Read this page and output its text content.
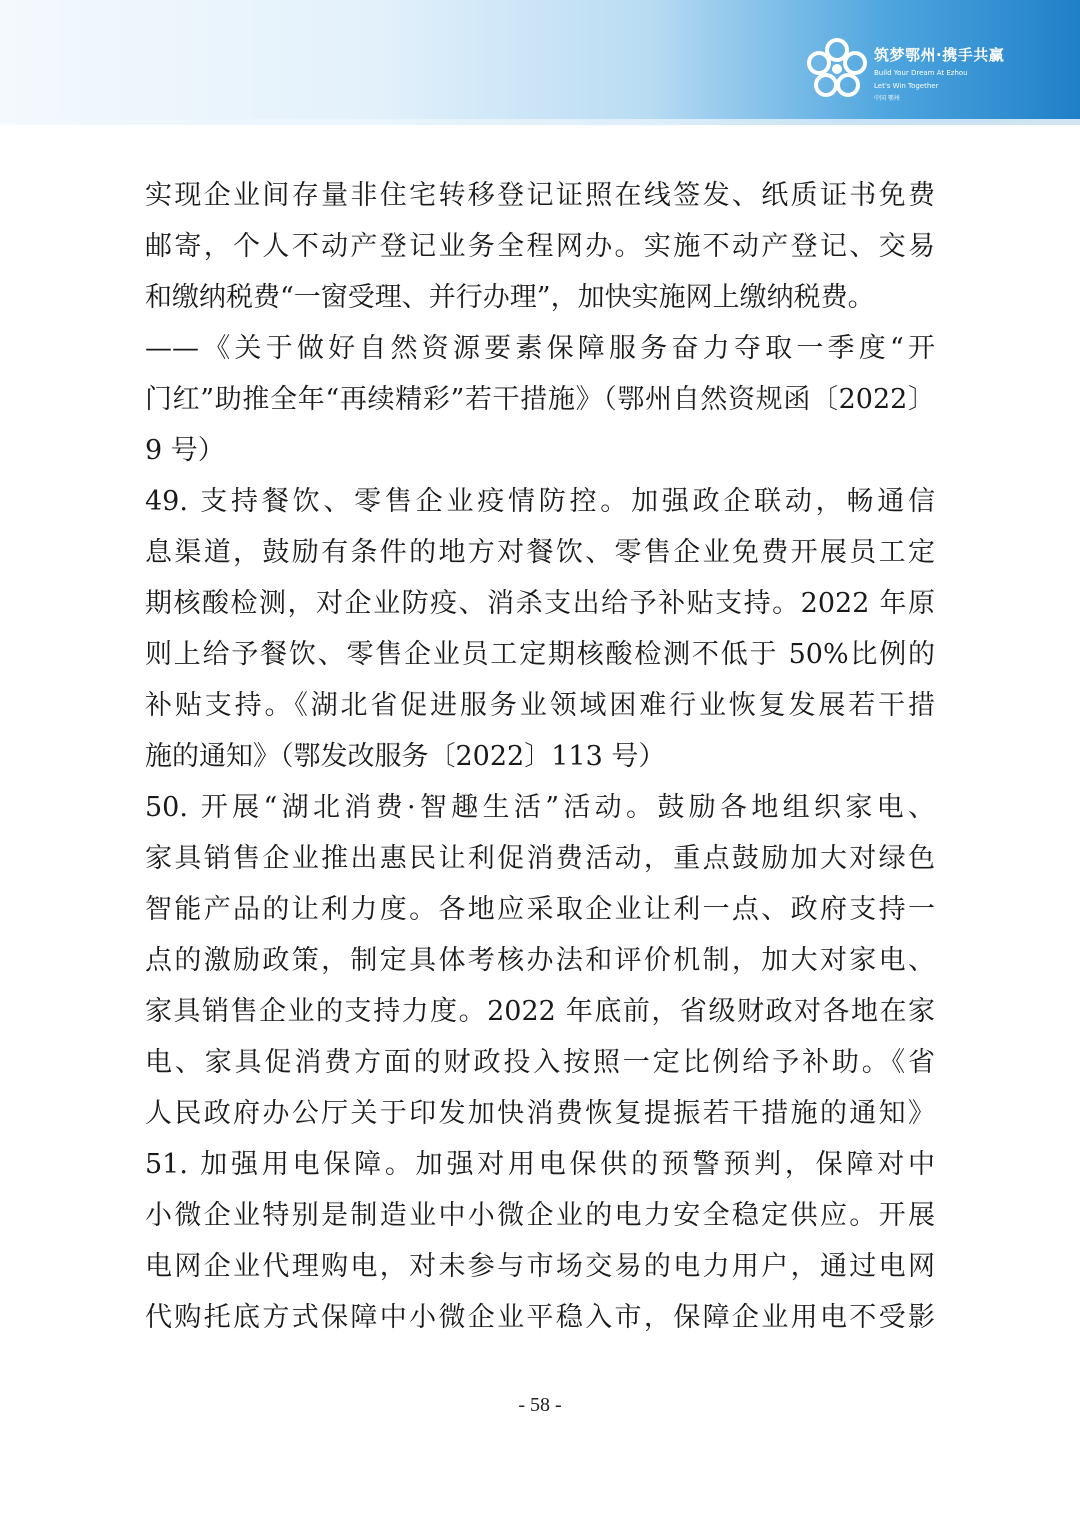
筑梦鄂州·携手共赢
Build Your Dream At Ezhou
Let's Win Together
中国 鄂州
实现企业间存量非住宅转移登记证照在线签发、纸质证书免费
邮寄，个人不动产登记业务全程网办。实施不动产登记、交易
和缴纳税费“一窗受理、并行办理”，加快实施网上缴纳税费。
——《关于做好自然资源要素保障服务奋力夺取一季度“开
门红”助推全年“再续精彩”若干措施》（鄂州自然资规函〔2022〕
9 号）
49. 支持餐饮、零售企业疫情防控。加强政企联动，畅通信
息渠道，鼓励有条件的地方对餐饮、零售企业免费开展员工定
期核酸检测，对企业防疫、消杀支出给予补贴支持。2022 年原
则上给予餐饮、零售企业员工定期核酸检测不低于 50%比例的
补贴支持。《湖北省促进服务业领域困难行业恢复发展若干措
施的通知》（鄂发改服务〔2022〕113 号）
50. 开展“湖北消费·智趣生活”活动。鼓励各地组织家电、
家具销售企业推出惠民让利促消费活动，重点鼓励加大对绿色
智能产品的让利力度。各地应采取企业让利一点、政府支持一
点的激励政策，制定具体考核办法和评价机制，加大对家电、
家具销售企业的支持力度。2022 年底前，省级财政对各地在家
电、家具促消费方面的财政投入按照一定比例给予补助。《省
人民政府办公厅关于印发加快消费恢复提振若干措施的通知》
51. 加强用电保障。加强对用电保供的预警预判，保障对中
小微企业特别是制造业中小微企业的电力安全稳定供应。开展
电网企业代理购电，对未参与市场交易的电力用户，通过电网
代购托底方式保障中小微企业平稳入市，保障企业用电不受影
- 58 -
